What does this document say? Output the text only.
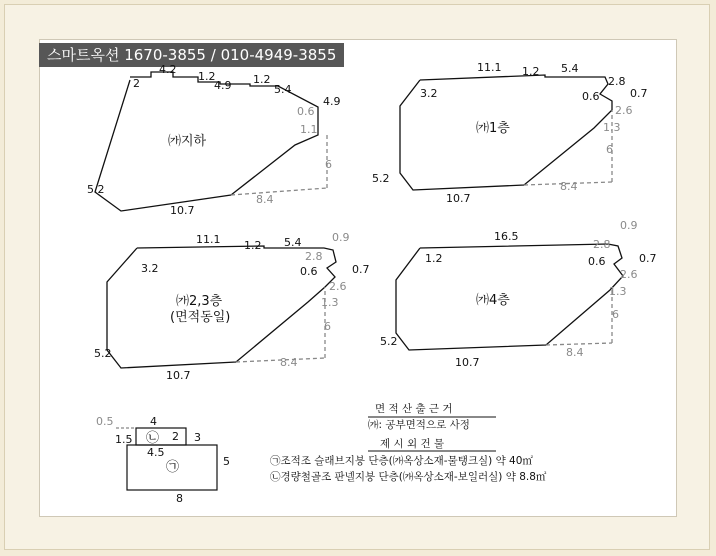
스마트옥션 1670-3855 / 010-4949-3855
㈎지하
4.2
2
1.2
4.9 1.2
5.4
4.9
0.6
1.1
6
8.4
10.7
5.2
㈎1층
11.1 1.2 5.4
2.8
3.2	0.6	0.7
2.6
1.3
6
8.4
10.7
5.2
㈎2,3층
(면적동일)
11.1 1.2 5.4	0.9
2.8
3.2	0.6	0.7
2.6
1.3
6
8.4
10.7
5.2
㈎4층
16.5
0.9
1.2
2.8
0.6	0.7
2.6
1.3
6
8.4
10.7
5.2
0.5	4
1.5	2 3
4.5
5
8
㉡
㉠
면 적 산 출 근 거
㈎: 공부면적으로 사정
제 시 외 건 물
㉠조적조 슬래브지붕 단층(㈎옥상소재-물탱크실) 약 40㎡
㉡경량철골조 판넬지붕 단층(㈎옥상소재-보일러실) 약 8.8㎡
